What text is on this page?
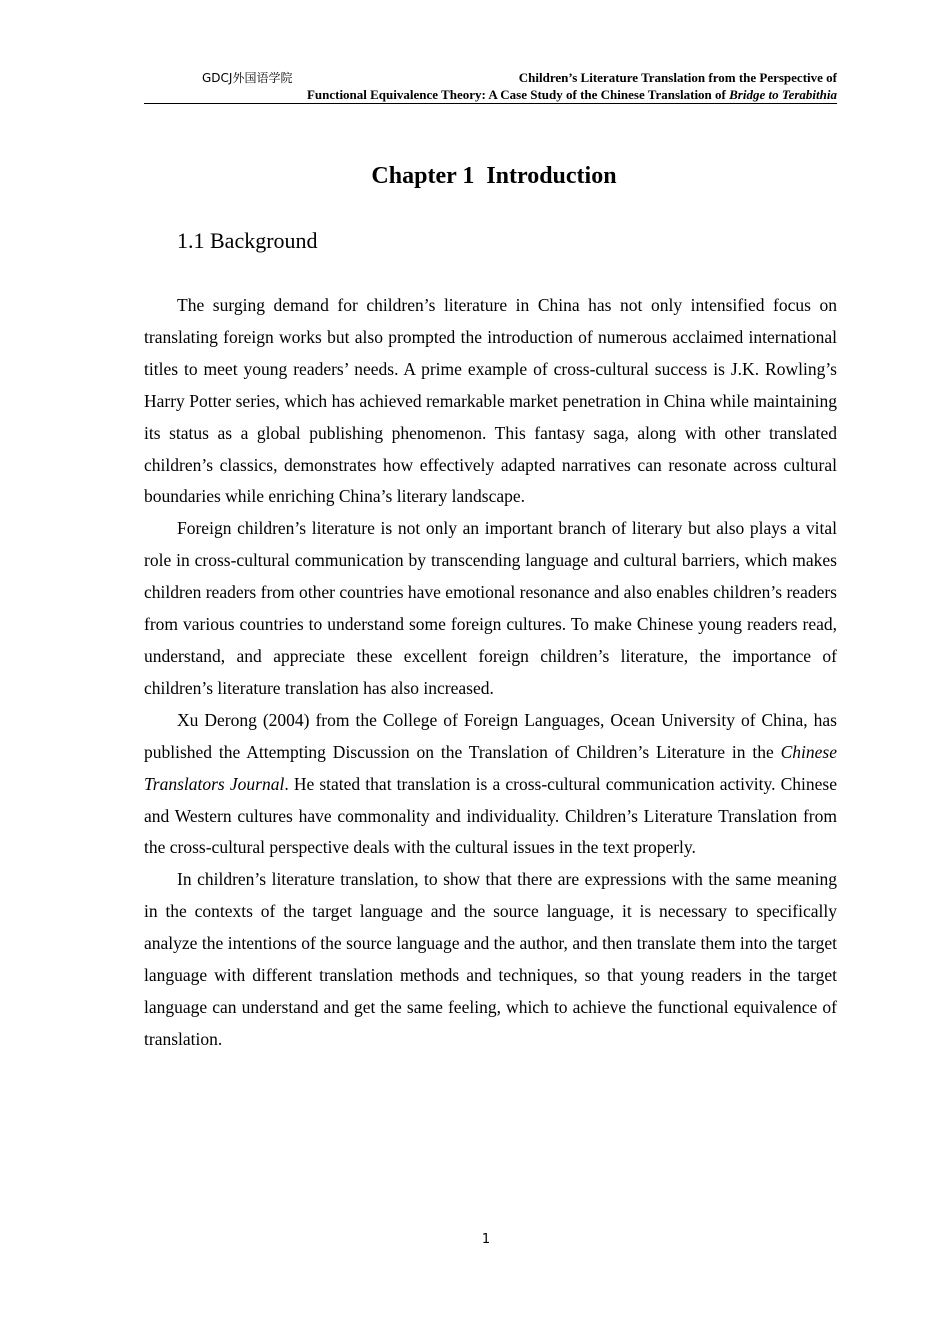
GDCJ外国语学院	Children’s Literature Translation from the Perspective of
Functional Equivalence Theory: A Case Study of the Chinese Translation of Bridge to Terabithia
Chapter 1  Introduction
1.1 Background

The surging demand for children’s literature in China has not only intensified focus on translating foreign works but also prompted the introduction of numerous acclaimed international titles to meet young readers’ needs. A prime example of cross-cultural success is J.K. Rowling’s Harry Potter series, which has achieved remarkable market penetration in China while maintaining its status as a global publishing phenomenon. This fantasy saga, along with other translated children’s classics, demonstrates how effectively adapted narratives can resonate across cultural boundaries while enriching China’s literary landscape.

Foreign children’s literature is not only an important branch of literary but also plays a vital role in cross-cultural communication by transcending language and cultural barriers, which makes children readers from other countries have emotional resonance and also enables children’s readers from various countries to understand some foreign cultures. To make Chinese young readers read, understand, and appreciate these excellent foreign children’s literature, the importance of children’s literature translation has also increased.

Xu Derong (2004) from the College of Foreign Languages, Ocean University of China, has published the Attempting Discussion on the Translation of Children’s Literature in the Chinese Translators Journal. He stated that translation is a cross-cultural communication activity. Chinese and Western cultures have commonality and individuality. Children’s Literature Translation from the cross-cultural perspective deals with the cultural issues in the text properly.

In children’s literature translation, to show that there are expressions with the same meaning in the contexts of the target language and the source language, it is necessary to specifically analyze the intentions of the source language and the author, and then translate them into the target language with different translation methods and techniques, so that young readers in the target language can understand and get the same feeling, which to achieve the functional equivalence of translation.

1
